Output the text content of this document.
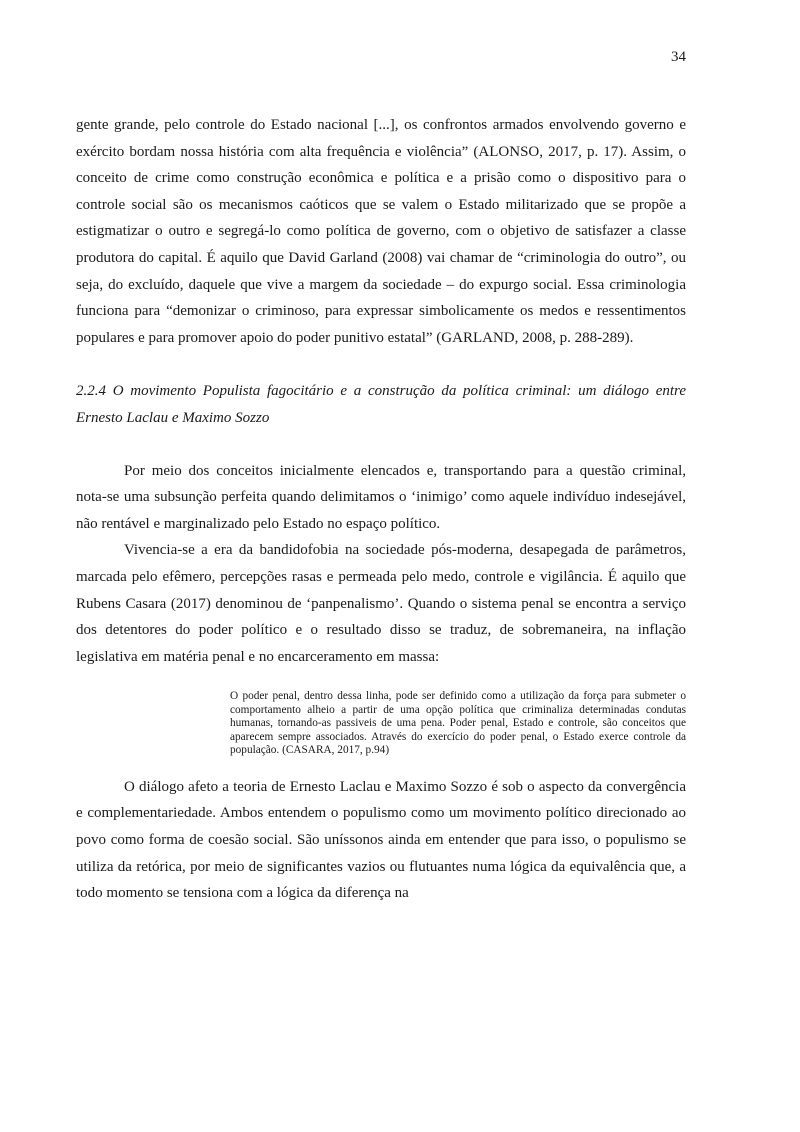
34

gente grande, pelo controle do Estado nacional [...], os confrontos armados envolvendo governo e exército bordam nossa história com alta frequência e violência” (ALONSO, 2017, p. 17). Assim, o conceito de crime como construção econômica e política e a prisão como o dispositivo para o controle social são os mecanismos caóticos que se valem o Estado militarizado que se propõe a estigmatizar o outro e segregá-lo como política de governo, com o objetivo de satisfazer a classe produtora do capital. É aquilo que David Garland (2008) vai chamar de “criminologia do outro”, ou seja, do excluído, daquele que vive a margem da sociedade – do expurgo social. Essa criminologia funciona para “demonizar o criminoso, para expressar simbolicamente os medos e ressentimentos populares e para promover apoio do poder punitivo estatal” (GARLAND, 2008, p. 288-289).

2.2.4 O movimento Populista fagocitário e a construção da política criminal: um diálogo entre Ernesto Laclau e Maximo Sozzo

Por meio dos conceitos inicialmente elencados e, transportando para a questão criminal, nota-se uma subsunção perfeita quando delimitamos o ‘inimigo’ como aquele indivíduo indesejável, não rentável e marginalizado pelo Estado no espaço político.

Vivencia-se a era da bandidofobia na sociedade pós-moderna, desapegada de parâmetros, marcada pelo efêmero, percepções rasas e permeada pelo medo, controle e vigilância. É aquilo que Rubens Casara (2017) denominou de ‘panpenalismo’. Quando o sistema penal se encontra a serviço dos detentores do poder político e o resultado disso se traduz, de sobremaneira, na inflação legislativa em matéria penal e no encarceramento em massa:

O poder penal, dentro dessa linha, pode ser definido como a utilização da força para submeter o comportamento alheio a partir de uma opção política que criminaliza determinadas condutas humanas, tornando-as passiveis de uma pena. Poder penal, Estado e controle, são conceitos que aparecem sempre associados. Através do exercício do poder penal, o Estado exerce controle da população. (CASARA, 2017, p.94)

O diálogo afeto a teoria de Ernesto Laclau e Maximo Sozzo é sob o aspecto da convergência e complementariedade. Ambos entendem o populismo como um movimento político direcionado ao povo como forma de coesão social. São uníssonos ainda em entender que para isso, o populismo se utiliza da retórica, por meio de significantes vazios ou flutuantes numa lógica da equivalência que, a todo momento se tensiona com a lógica da diferença na
